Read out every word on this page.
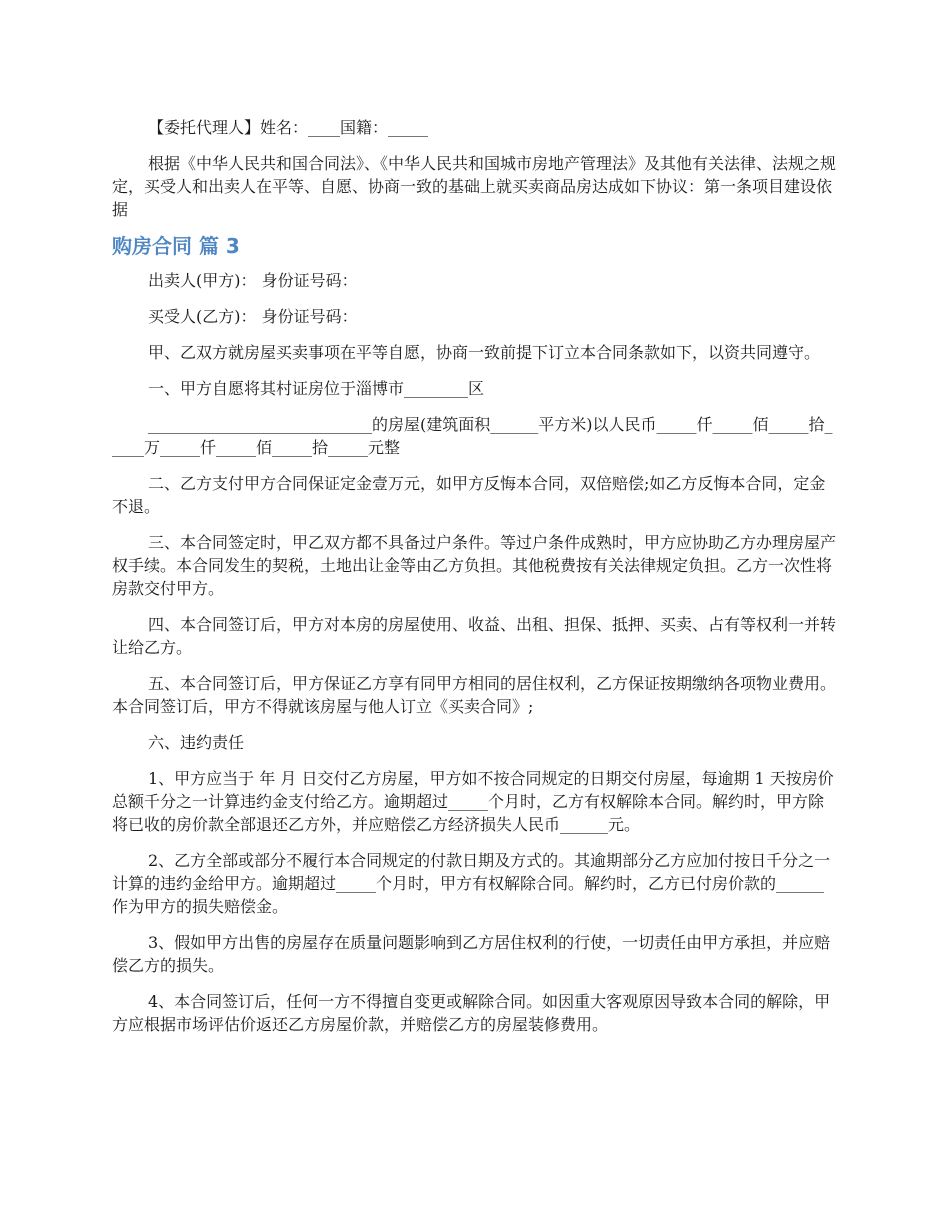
【委托代理人】姓名：____国籍：_____

根据《中华人民共和国合同法》、《中华人民共和国城市房地产管理法》及其他有关法律、法规之规定，买受人和出卖人在平等、自愿、协商一致的基础上就买卖商品房达成如下协议：第一条项目建设依据

购房合同 篇 3

出卖人(甲方)： 身份证号码：

买受人(乙方)： 身份证号码：

甲、乙双方就房屋买卖事项在平等自愿，协商一致前提下订立本合同条款如下，以资共同遵守。

一、甲方自愿将其村证房位于淄博市________区

____________________________的房屋(建筑面积______平方米)以人民币_____仟_____佰_____拾_____万_____仟_____佰_____拾_____元整

二、乙方支付甲方合同保证定金壹万元，如甲方反悔本合同，双倍赔偿;如乙方反悔本合同，定金不退。

三、本合同签定时，甲乙双方都不具备过户条件。等过户条件成熟时，甲方应协助乙方办理房屋产权手续。本合同发生的契税，土地出让金等由乙方负担。其他税费按有关法律规定负担。乙方一次性将房款交付甲方。

四、本合同签订后，甲方对本房的房屋使用、收益、出租、担保、抵押、买卖、占有等权利一并转让给乙方。

五、本合同签订后，甲方保证乙方享有同甲方相同的居住权利，乙方保证按期缴纳各项物业费用。本合同签订后，甲方不得就该房屋与他人订立《买卖合同》;

六、违约责任

1、甲方应当于 年 月 日交付乙方房屋，甲方如不按合同规定的日期交付房屋，每逾期 1 天按房价总额千分之一计算违约金支付给乙方。逾期超过_____个月时，乙方有权解除本合同。解约时，甲方除将已收的房价款全部退还乙方外，并应赔偿乙方经济损失人民币______元。

2、乙方全部或部分不履行本合同规定的付款日期及方式的。其逾期部分乙方应加付按日千分之一计算的违约金给甲方。逾期超过_____个月时，甲方有权解除合同。解约时，乙方已付房价款的______作为甲方的损失赔偿金。

3、假如甲方出售的房屋存在质量问题影响到乙方居住权利的行使，一切责任由甲方承担，并应赔偿乙方的损失。

4、本合同签订后，任何一方不得擅自变更或解除合同。如因重大客观原因导致本合同的解除，甲方应根据市场评估价返还乙方房屋价款，并赔偿乙方的房屋装修费用。
